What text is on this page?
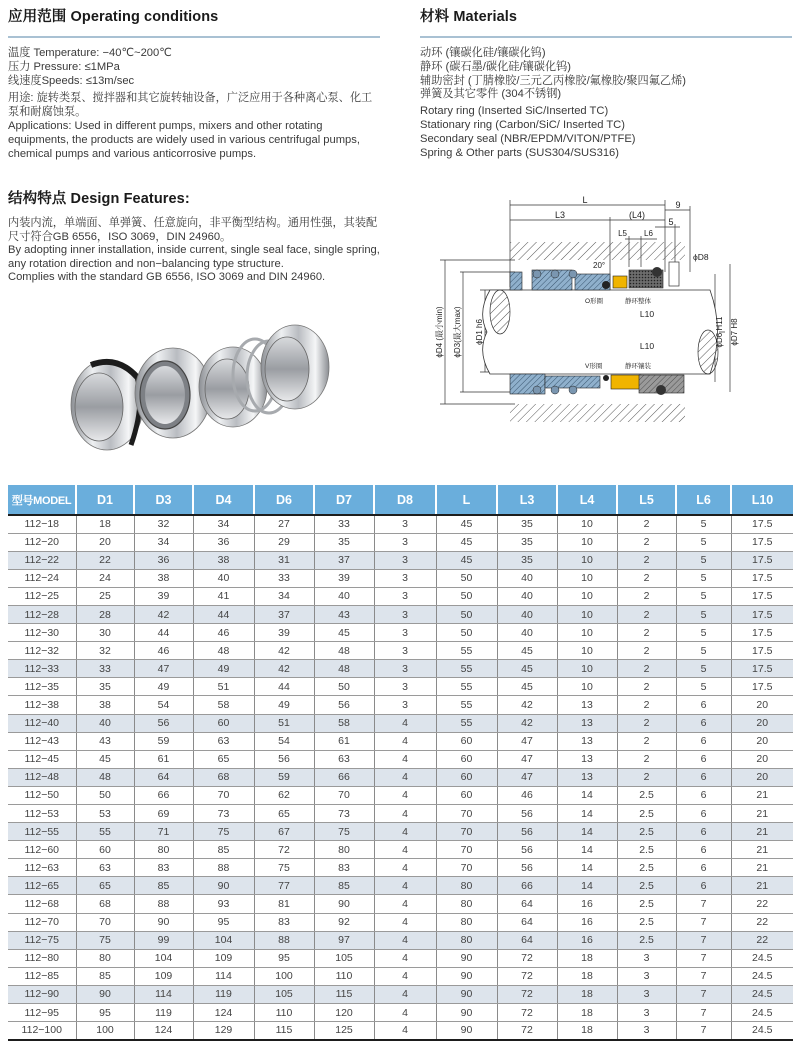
应用范围 Operating conditions
温度 Temperature: −40℃~200℃
压力 Pressure: ≤1MPa
线速度Speeds: ≤13m/sec
用途: 旋转类泵、搅拌器和其它旋转轴设备，广泛应用于各种离心泵、化工泵和耐腐蚀泵。
Applications: Used in different pumps, mixers and other rotating equipments, the products are widely used in various centrifugal pumps, chemical pumps and various anticorrosive pumps.
材料 Materials
动环 (镶碳化硅/镶碳化钨)
静环 (碳石墨/碳化硅/镶碳化钨)
辅助密封 (丁腈橡胶/三元乙丙橡胶/氟橡胶/聚四氟乙烯)
弹簧及其它零件 (304不锈钢)
Rotary ring (Inserted SiC/Inserted TC)
Stationary ring (Carbon/SiC/ Inserted TC)
Secondary seal (NBR/EPDM/VITON/PTFE)
Spring & Other parts (SUS304/SUS316)
结构特点 Design Features:
内装内流，单端面、单弹簧、任意旋向，非平衡型结构。通用性强，其装配尺寸符合GB 6556，ISO 3069，DIN 24960。
By adopting inner installation, inside current, single seal face, single spring, any rotation direction and non−balancing type structure.
Complies with the standard GB 6556, ISO 3069 and DIN 24960.
L
L3	(L4)
9
5
L5 L6
ϕD8
20°
O形圈	静环整体
L10
L10
V形圈	静环镶装
ϕD4 (最小min) ϕD3(最大max) ϕD1 h6	ϕD6 H11 ϕD7 H8
型号MODEL	D1	D3	D4	D6	D7	D8	L	L3	L4	L5	L6	L10
112−18	18	32	34	27	33	3	45	35	10	2	5	17.5
112−20	20	34	36	29	35	3	45	35	10	2	5	17.5
112−22	22	36	38	31	37	3	45	35	10	2	5	17.5
112−24	24	38	40	33	39	3	50	40	10	2	5	17.5
112−25	25	39	41	34	40	3	50	40	10	2	5	17.5
112−28	28	42	44	37	43	3	50	40	10	2	5	17.5
112−30	30	44	46	39	45	3	50	40	10	2	5	17.5
112−32	32	46	48	42	48	3	55	45	10	2	5	17.5
112−33	33	47	49	42	48	3	55	45	10	2	5	17.5
112−35	35	49	51	44	50	3	55	45	10	2	5	17.5
112−38	38	54	58	49	56	3	55	42	13	2	6	20
112−40	40	56	60	51	58	4	55	42	13	2	6	20
112−43	43	59	63	54	61	4	60	47	13	2	6	20
112−45	45	61	65	56	63	4	60	47	13	2	6	20
112−48	48	64	68	59	66	4	60	47	13	2	6	20
112−50	50	66	70	62	70	4	60	46	14	2.5	6	21
112−53	53	69	73	65	73	4	70	56	14	2.5	6	21
112−55	55	71	75	67	75	4	70	56	14	2.5	6	21
112−60	60	80	85	72	80	4	70	56	14	2.5	6	21
112−63	63	83	88	75	83	4	70	56	14	2.5	6	21
112−65	65	85	90	77	85	4	80	66	14	2.5	6	21
112−68	68	88	93	81	90	4	80	64	16	2.5	7	22
112−70	70	90	95	83	92	4	80	64	16	2.5	7	22
112−75	75	99	104	88	97	4	80	64	16	2.5	7	22
112−80	80	104	109	95	105	4	90	72	18	3	7	24.5
112−85	85	109	114	100	110	4	90	72	18	3	7	24.5
112−90	90	114	119	105	115	4	90	72	18	3	7	24.5
112−95	95	119	124	110	120	4	90	72	18	3	7	24.5
112−100	100	124	129	115	125	4	90	72	18	3	7	24.5
